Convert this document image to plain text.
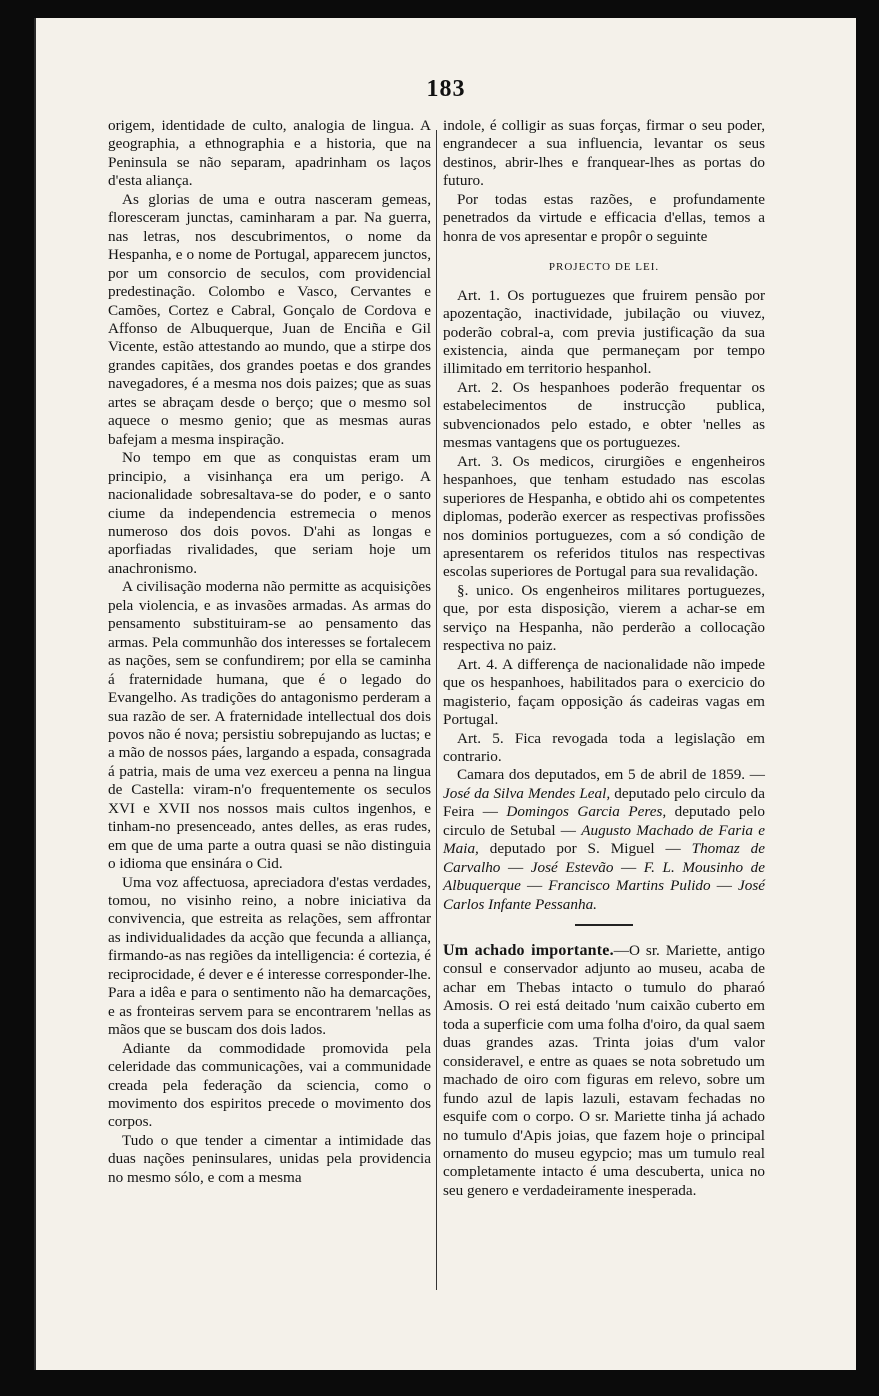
183

origem, identidade de culto, analogia de lingua. A geographia, a ethnographia e a historia, que na Peninsula se não separam, apadrinham os laços d'esta aliança.

As glorias de uma e outra nasceram gemeas, floresceram junctas, caminharam a par. Na guerra, nas letras, nos descubrimentos, o nome da Hespanha, e o nome de Portugal, apparecem junctos, por um consorcio de seculos, com providencial predestinação. Colombo e Vasco, Cervantes e Camões, Cortez e Cabral, Gonçalo de Cordova e Affonso de Albuquerque, Juan de Enciña e Gil Vicente, estão attestando ao mundo, que a stirpe dos grandes capitães, dos grandes poetas e dos grandes navegadores, é a mesma nos dois paizes; que as suas artes se abraçam desde o berço; que o mesmo sol aquece o mesmo genio; que as mesmas auras bafejam a mesma inspiração.

No tempo em que as conquistas eram um principio, a visinhança era um perigo. A nacionalidade sobresaltava-se do poder, e o santo ciume da independencia estremecia o menos numeroso dos dois povos. D'ahi as longas e aporfiadas rivalidades, que seriam hoje um anachronismo.

A civilisação moderna não permitte as acquisições pela violencia, e as invasões armadas. As armas do pensamento substituiram-se ao pensamento das armas. Pela communhão dos interesses se fortalecem as nações, sem se confundirem; por ella se caminha á fraternidade humana, que é o legado do Evangelho. As tradições do antagonismo perderam a sua razão de ser. A fraternidade intellectual dos dois povos não é nova; persistiu sobrepujando as luctas; e a mão de nossos páes, largando a espada, consagrada á patria, mais de uma vez exerceu a penna na lingua de Castella: viram-n'o frequentemente os seculos XVI e XVII nos nossos mais cultos ingenhos, e tinham-no presenceado, antes delles, as eras rudes, em que de uma parte a outra quasi se não distinguia o idioma que ensinára o Cid.

Uma voz affectuosa, apreciadora d'estas verdades, tomou, no visinho reino, a nobre iniciativa da convivencia, que estreita as relações, sem affrontar as individualidades da acção que fecunda a alliança, firmando-as nas regiões da intelligencia: é cortezia, é reciprocidade, é dever e é interesse corresponder-lhe. Para a idêa e para o sentimento não ha demarcações, e as fronteiras servem para se encontrarem 'nellas as mãos que se buscam dos dois lados.

Adiante da commodidade promovida pela celeridade das communicações, vai a communidade creada pela federação da sciencia, como o movimento dos espiritos precede o movimento dos corpos.

Tudo o que tender a cimentar a intimidade das duas nações peninsulares, unidas pela providencia no mesmo sólo, e com a mesma

indole, é colligir as suas forças, firmar o seu poder, engrandecer a sua influencia, levantar os seus destinos, abrir-lhes e franquear-lhes as portas do futuro.

Por todas estas razões, e profundamente penetrados da virtude e efficacia d'ellas, temos a honra de vos apresentar e propôr o seguinte

PROJECTO DE LEI.

Art. 1. Os portuguezes que fruirem pensão por apozentação, inactividade, jubilação ou viuvez, poderão cobral-a, com previa justificação da sua existencia, ainda que permaneçam por tempo illimitado em territorio hespanhol.

Art. 2. Os hespanhoes poderão frequentar os estabelecimentos de instrucção publica, subvencionados pelo estado, e obter 'nelles as mesmas vantagens que os portuguezes.

Art. 3. Os medicos, cirurgiões e engenheiros hespanhoes, que tenham estudado nas escolas superiores de Hespanha, e obtido ahi os competentes diplomas, poderão exercer as respectivas profissões nos dominios portuguezes, com a só condição de apresentarem os referidos titulos nas respectivas escolas superiores de Portugal para sua revalidação.

§. unico. Os engenheiros militares portuguezes, que, por esta disposição, vierem a achar-se em serviço na Hespanha, não perderão a collocação respectiva no paiz.

Art. 4. A differença de nacionalidade não impede que os hespanhoes, habilitados para o exercicio do magisterio, façam opposição ás cadeiras vagas em Portugal.

Art. 5. Fica revogada toda a legislação em contrario.

Camara dos deputados, em 5 de abril de 1859. — José da Silva Mendes Leal, deputado pelo circulo da Feira — Domingos Garcia Peres, deputado pelo circulo de Setubal — Augusto Machado de Faria e Maia, deputado por S. Miguel — Thomaz de Carvalho — José Estevão — F. L. Mousinho de Albuquerque — Francisco Martins Pulido — José Carlos Infante Pessanha.

Um achado importante.—O sr. Mariette, antigo consul e conservador adjunto ao museu, acaba de achar em Thebas intacto o tumulo do pharaó Amosis. O rei está deitado 'num caixão cuberto em toda a superficie com uma folha d'oiro, da qual saem duas grandes azas. Trinta joias d'um valor consideravel, e entre as quaes se nota sobretudo um machado de oiro com figuras em relevo, sobre um fundo azul de lapis lazuli, estavam fechadas no esquife com o corpo. O sr. Mariette tinha já achado no tumulo d'Apis joias, que fazem hoje o principal ornamento do museu egypcio; mas um tumulo real completamente intacto é uma descuberta, unica no seu genero e verdadeiramente inesperada.
